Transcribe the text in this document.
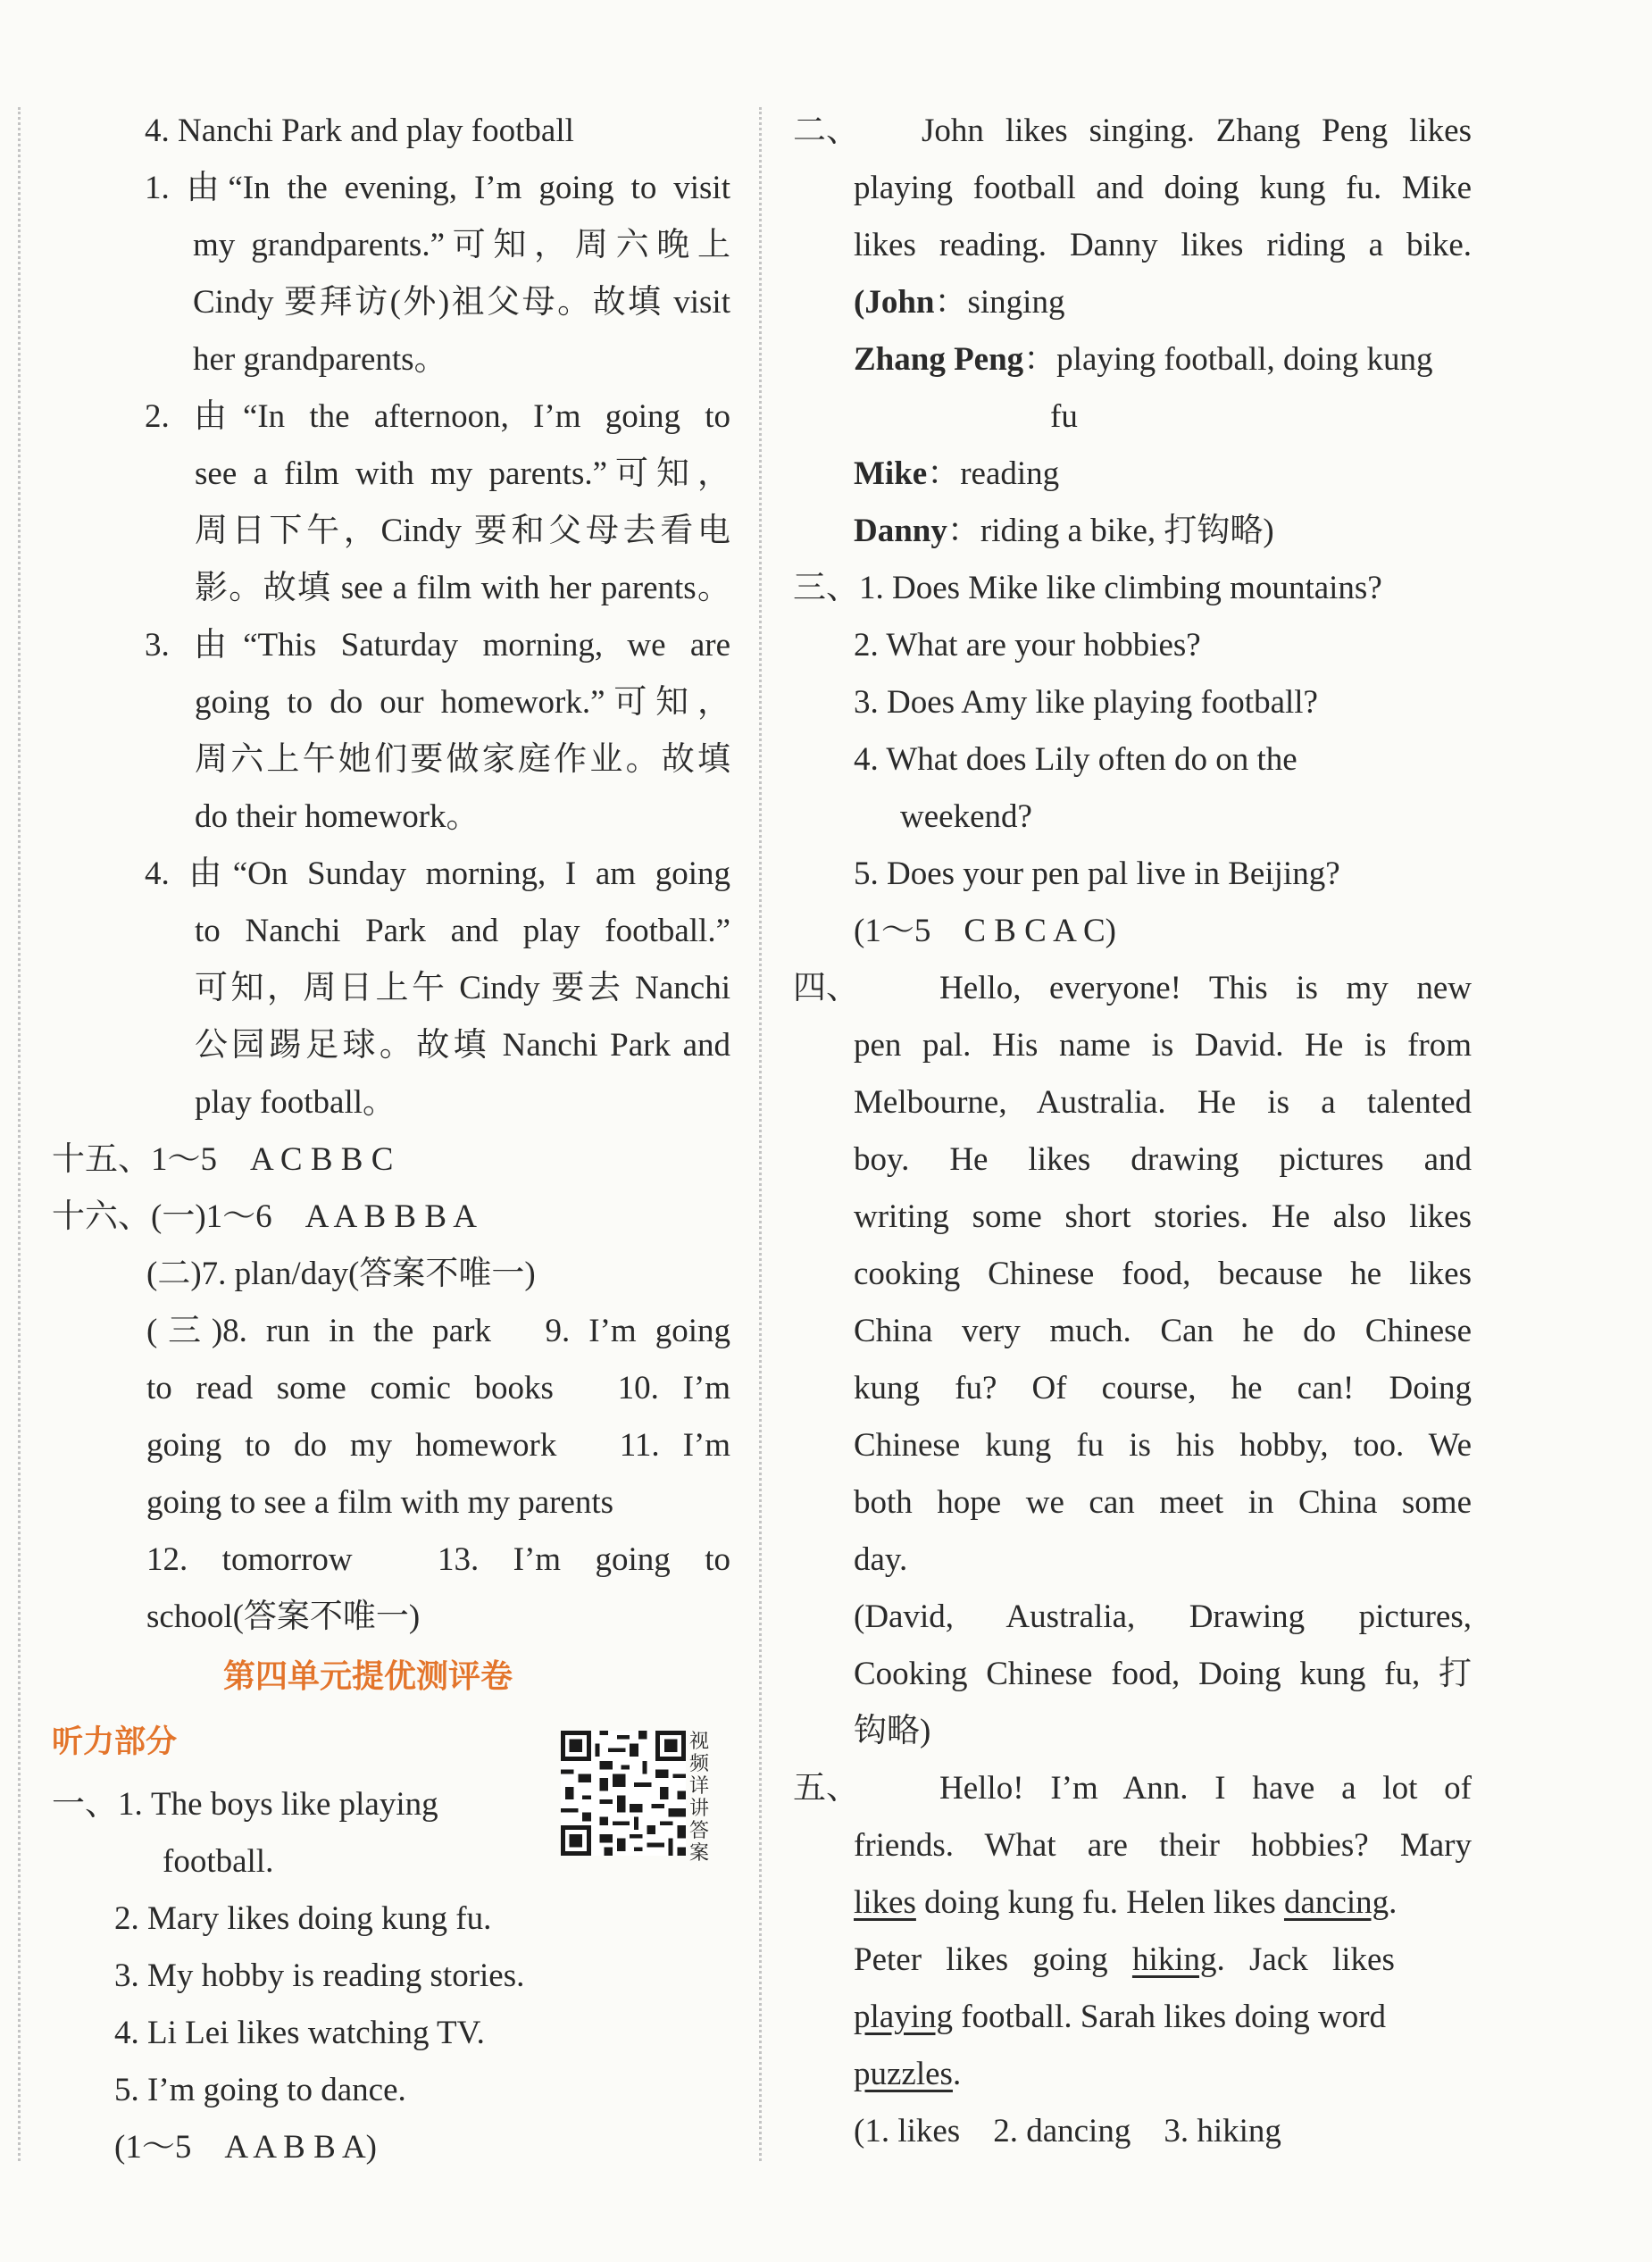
4. Nanchi Park and play football
1. 由“In the evening, I’m going to visit
my grandparents.”可知，周六晚上
Cindy 要拜访(外)祖父母。故填 visit
her grandparents。
2. 由“In the afternoon, I’m going to
see a film with my parents.”可知，
周日下午，Cindy 要和父母去看电
影。故填 see a film with her parents。
3. 由“This Saturday morning, we are
going to do our homework.”可知，
周六上午她们要做家庭作业。故填
do their homework。
4. 由“On Sunday morning, I am going
to Nanchi Park and play football.”
可知，周日上午 Cindy 要去 Nanchi
公园踢足球。故填 Nanchi Park and
play football。
十五、1～5　A C B B C
十六、(一)1～6　A A B B B A
(二)7. plan/day(答案不唯一)
(三)8. run in the park　9. I’m going
to read some comic books　10. I’m
going to do my homework　11. I’m
going to see a film with my parents
12. tomorrow　13. I’m going to
school(答案不唯一)
第四单元提优测评卷
听力部分
一、1. The boys like playing
football.
2. Mary likes doing kung fu.
3. My hobby is reading stories.
4. Li Lei likes watching TV.
5. I’m going to dance.
(1～5　A A B B A)
视频详讲答案
二、 John likes singing. Zhang Peng likes
playing football and doing kung fu. Mike
likes reading. Danny likes riding a bike.
(John：singing
Zhang Peng：playing football, doing kung
fu
Mike：reading
Danny：riding a bike, 打钩略)
三、1. Does Mike like climbing mountains?
2. What are your hobbies?
3. Does Amy like playing football?
4. What does Lily often do on the
weekend?
5. Does your pen pal live in Beijing?
(1～5　C B C A C)
四、 Hello, everyone! This is my new
pen pal. His name is David. He is from
Melbourne, Australia. He is a talented
boy. He likes drawing pictures and
writing some short stories. He also likes
cooking Chinese food, because he likes
China very much. Can he do Chinese
kung fu? Of course, he can! Doing
Chinese kung fu is his hobby, too. We
both hope we can meet in China some
day.
(David, Australia, Drawing pictures,
Cooking Chinese food, Doing kung fu, 打
钩略)
五、 Hello! I’m Ann. I have a lot of
friends. What are their hobbies? Mary
likes doing kung fu. Helen likes dancing.
Peter likes going hiking. Jack likes
playing football. Sarah likes doing word
puzzles.
(1. likes　2. dancing　3. hiking
